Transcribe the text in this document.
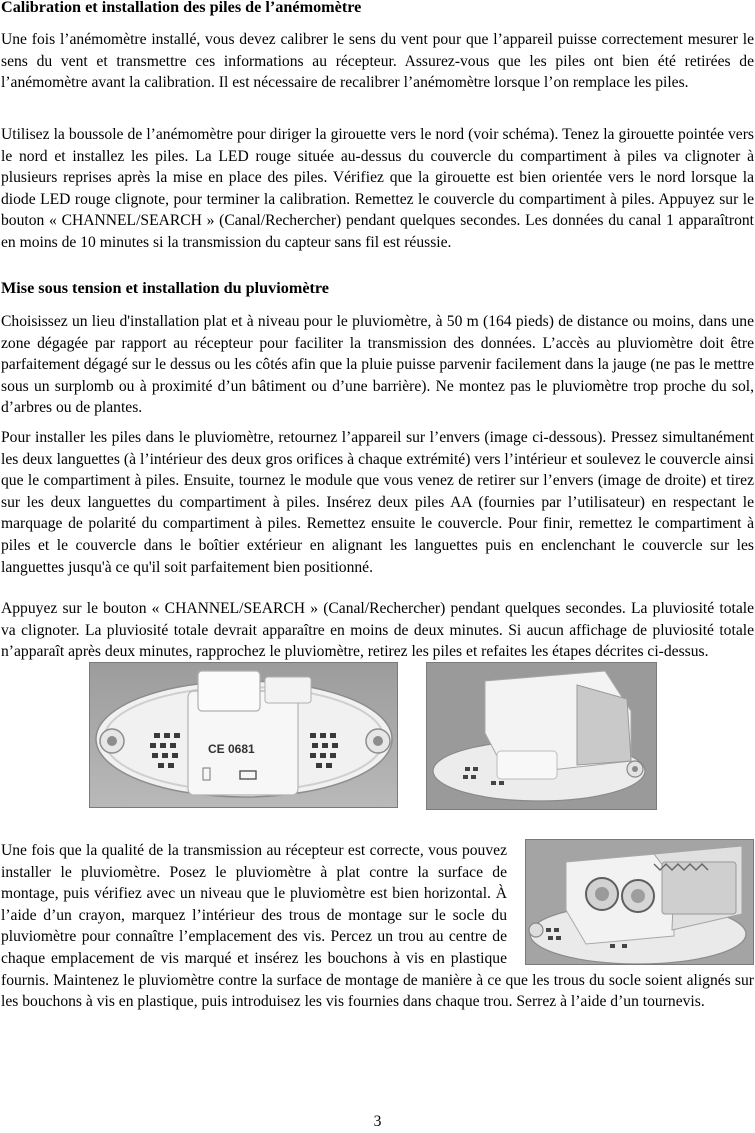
Calibration et installation des piles de l’anémomètre

Une fois l’anémomètre installé, vous devez calibrer le sens du vent pour que l’appareil puisse correctement mesurer le sens du vent et transmettre ces informations au récepteur. Assurez-vous que les piles ont bien été retirées de l’anémomètre avant la calibration. Il est nécessaire de recalibrer l’anémomètre lorsque l’on remplace les piles.

Utilisez la boussole de l’anémomètre pour diriger la girouette vers le nord (voir schéma). Tenez la girouette pointée vers le nord et installez les piles. La LED rouge située au-dessus du couvercle du compartiment à piles va clignoter à plusieurs reprises après la mise en place des piles. Vérifiez que la girouette est bien orientée vers le nord lorsque la diode LED rouge clignote, pour terminer la calibration. Remettez le couvercle du compartiment à piles. Appuyez sur le bouton « CHANNEL/SEARCH » (Canal/Rechercher) pendant quelques secondes. Les données du canal 1 apparaîtront en moins de 10 minutes si la transmission du capteur sans fil est réussie.

Mise sous tension et installation du pluviomètre

Choisissez un lieu d'installation plat et à niveau pour le pluviomètre, à 50 m (164 pieds) de distance ou moins, dans une zone dégagée par rapport au récepteur pour faciliter la transmission des données. L’accès au pluviomètre doit être parfaitement dégagé sur le dessus ou les côtés afin que la pluie puisse parvenir facilement dans la jauge (ne pas le mettre sous un surplomb ou à proximité d’un bâtiment ou d’une barrière). Ne montez pas le pluviomètre trop proche du sol, d’arbres ou de plantes.

Pour installer les piles dans le pluviomètre, retournez l’appareil sur l’envers (image ci-dessous). Pressez simultanément les deux languettes (à l’intérieur des deux gros orifices à chaque extrémité) vers l’intérieur et soulevez le couvercle ainsi que le compartiment à piles. Ensuite, tournez le module que vous venez de retirer sur l’envers (image de droite) et tirez sur les deux languettes du compartiment à piles. Insérez deux piles AA (fournies par l’utilisateur) en respectant le marquage de polarité du compartiment à piles. Remettez ensuite le couvercle. Pour finir, remettez le compartiment à piles et le couvercle dans le boîtier extérieur en alignant les languettes puis en enclenchant le couvercle sur les languettes jusqu'à ce qu'il soit parfaitement bien positionné.

Appuyez sur le bouton « CHANNEL/SEARCH » (Canal/Rechercher) pendant quelques secondes. La pluviosité totale va clignoter. La pluviosité totale devrait apparaître en moins de deux minutes. Si aucun affichage de pluviosité totale n’apparaît après deux minutes, rapprochez le pluviomètre, retirez les piles et refaites les étapes décrites ci-dessus.

CE 0681

Une fois que la qualité de la transmission au récepteur est correcte, vous pouvez installer le pluviomètre. Posez le pluviomètre à plat contre la surface de montage, puis vérifiez avec un niveau que le pluviomètre est bien horizontal. À l’aide d’un crayon, marquez l’intérieur des trous de montage sur le socle du pluviomètre pour connaître l’emplacement des vis. Percez un trou au centre de chaque emplacement de vis marqué et insérez les bouchons à vis en plastique fournis. Maintenez le pluviomètre contre la surface de montage de manière à ce que les trous du socle soient alignés sur les bouchons à vis en plastique, puis introduisez les vis fournies dans chaque trou. Serrez à l’aide d’un tournevis.

3
